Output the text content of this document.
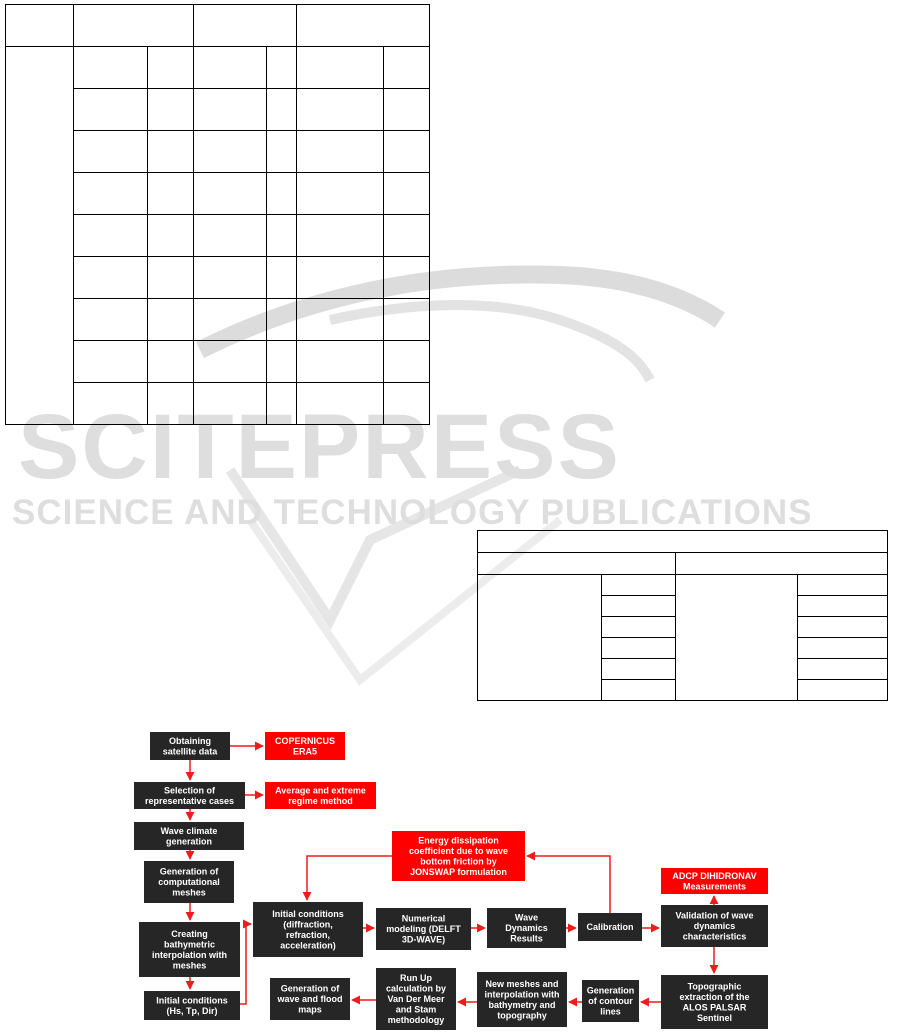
SCITEPRESS
SCIENCE AND TECHNOLOGY PUBLICATIONS

Obtaining
satellite data
COPERNICUS
ERA5
Selection of
representative cases
Average and extreme
regime method
Wave climate
generation
Generation of
computational
meshes
Creating
bathymetric
interpolation with
meshes
Initial conditions
(Hs, Tp, Dir)
Initial conditions
(diffraction,
refraction,
acceleration)
Energy dissipation
coefficient due to wave
bottom friction by
JONSWAP formulation
Numerical
modeling (DELFT
3D-WAVE)
Wave
Dynamics
Results
Calibration
ADCP DIHIDRONAV
Measurements
Validation of wave
dynamics
characteristics
Topographic
extraction of the
ALOS PALSAR
Sentinel
Generation
of contour
lines
New meshes and
interpolation with
bathymetry and
topography
Run Up
calculation by
Van Der Meer
and Stam
methodology
Generation of
wave and flood
maps
